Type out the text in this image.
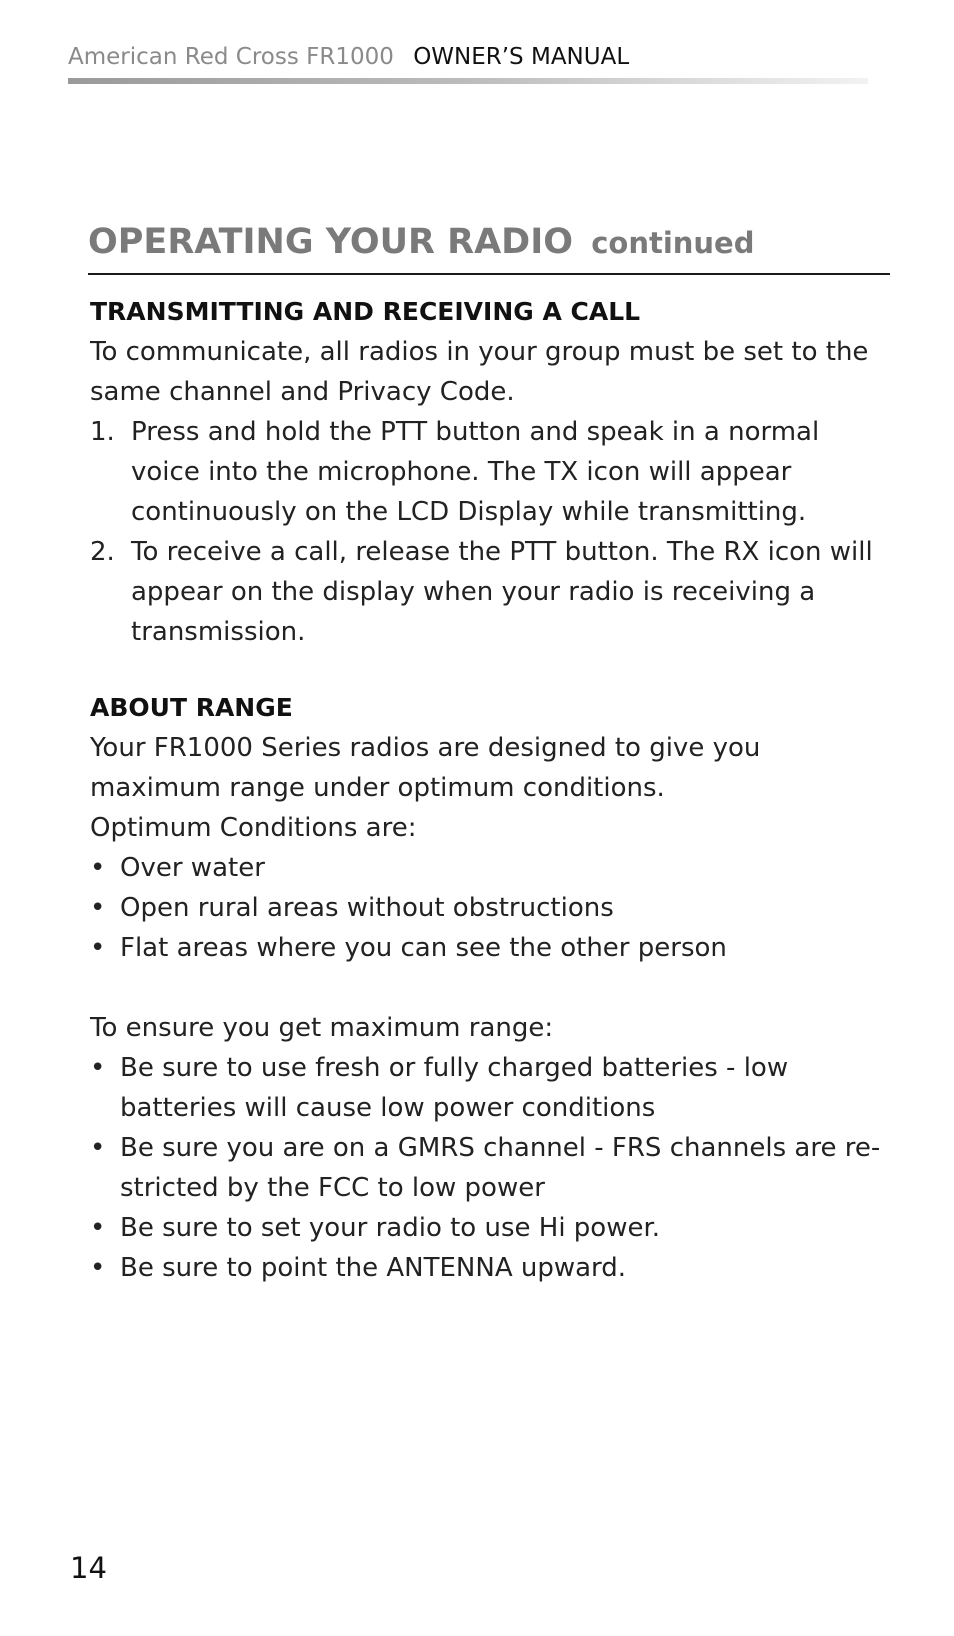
American Red Cross FR1000 OWNER’S MANUAL
OPERATING YOUR RADIO continued
TRANSMITTING AND RECEIVING A CALL

To communicate, all radios in your group must be set to the same channel and Privacy Code.

1. Press and hold the PTT button and speak in a normal voice into the microphone. The TX icon will appear continuously on the LCD Display while transmitting.
2. To receive a call, release the PTT button. The RX icon will appear on the display when your radio is receiving a transmission.
ABOUT RANGE

Your FR1000 Series radios are designed to give you maximum range under optimum conditions.

Optimum Conditions are:

• Over water
• Open rural areas without obstructions
• Flat areas where you can see the other person

To ensure you get maximum range:

• Be sure to use fresh or fully charged batteries - low batteries will cause low power conditions
• Be sure you are on a GMRS channel - FRS channels are restricted by the FCC to low power
• Be sure to set your radio to use Hi power.
• Be sure to point the ANTENNA upward.
14
